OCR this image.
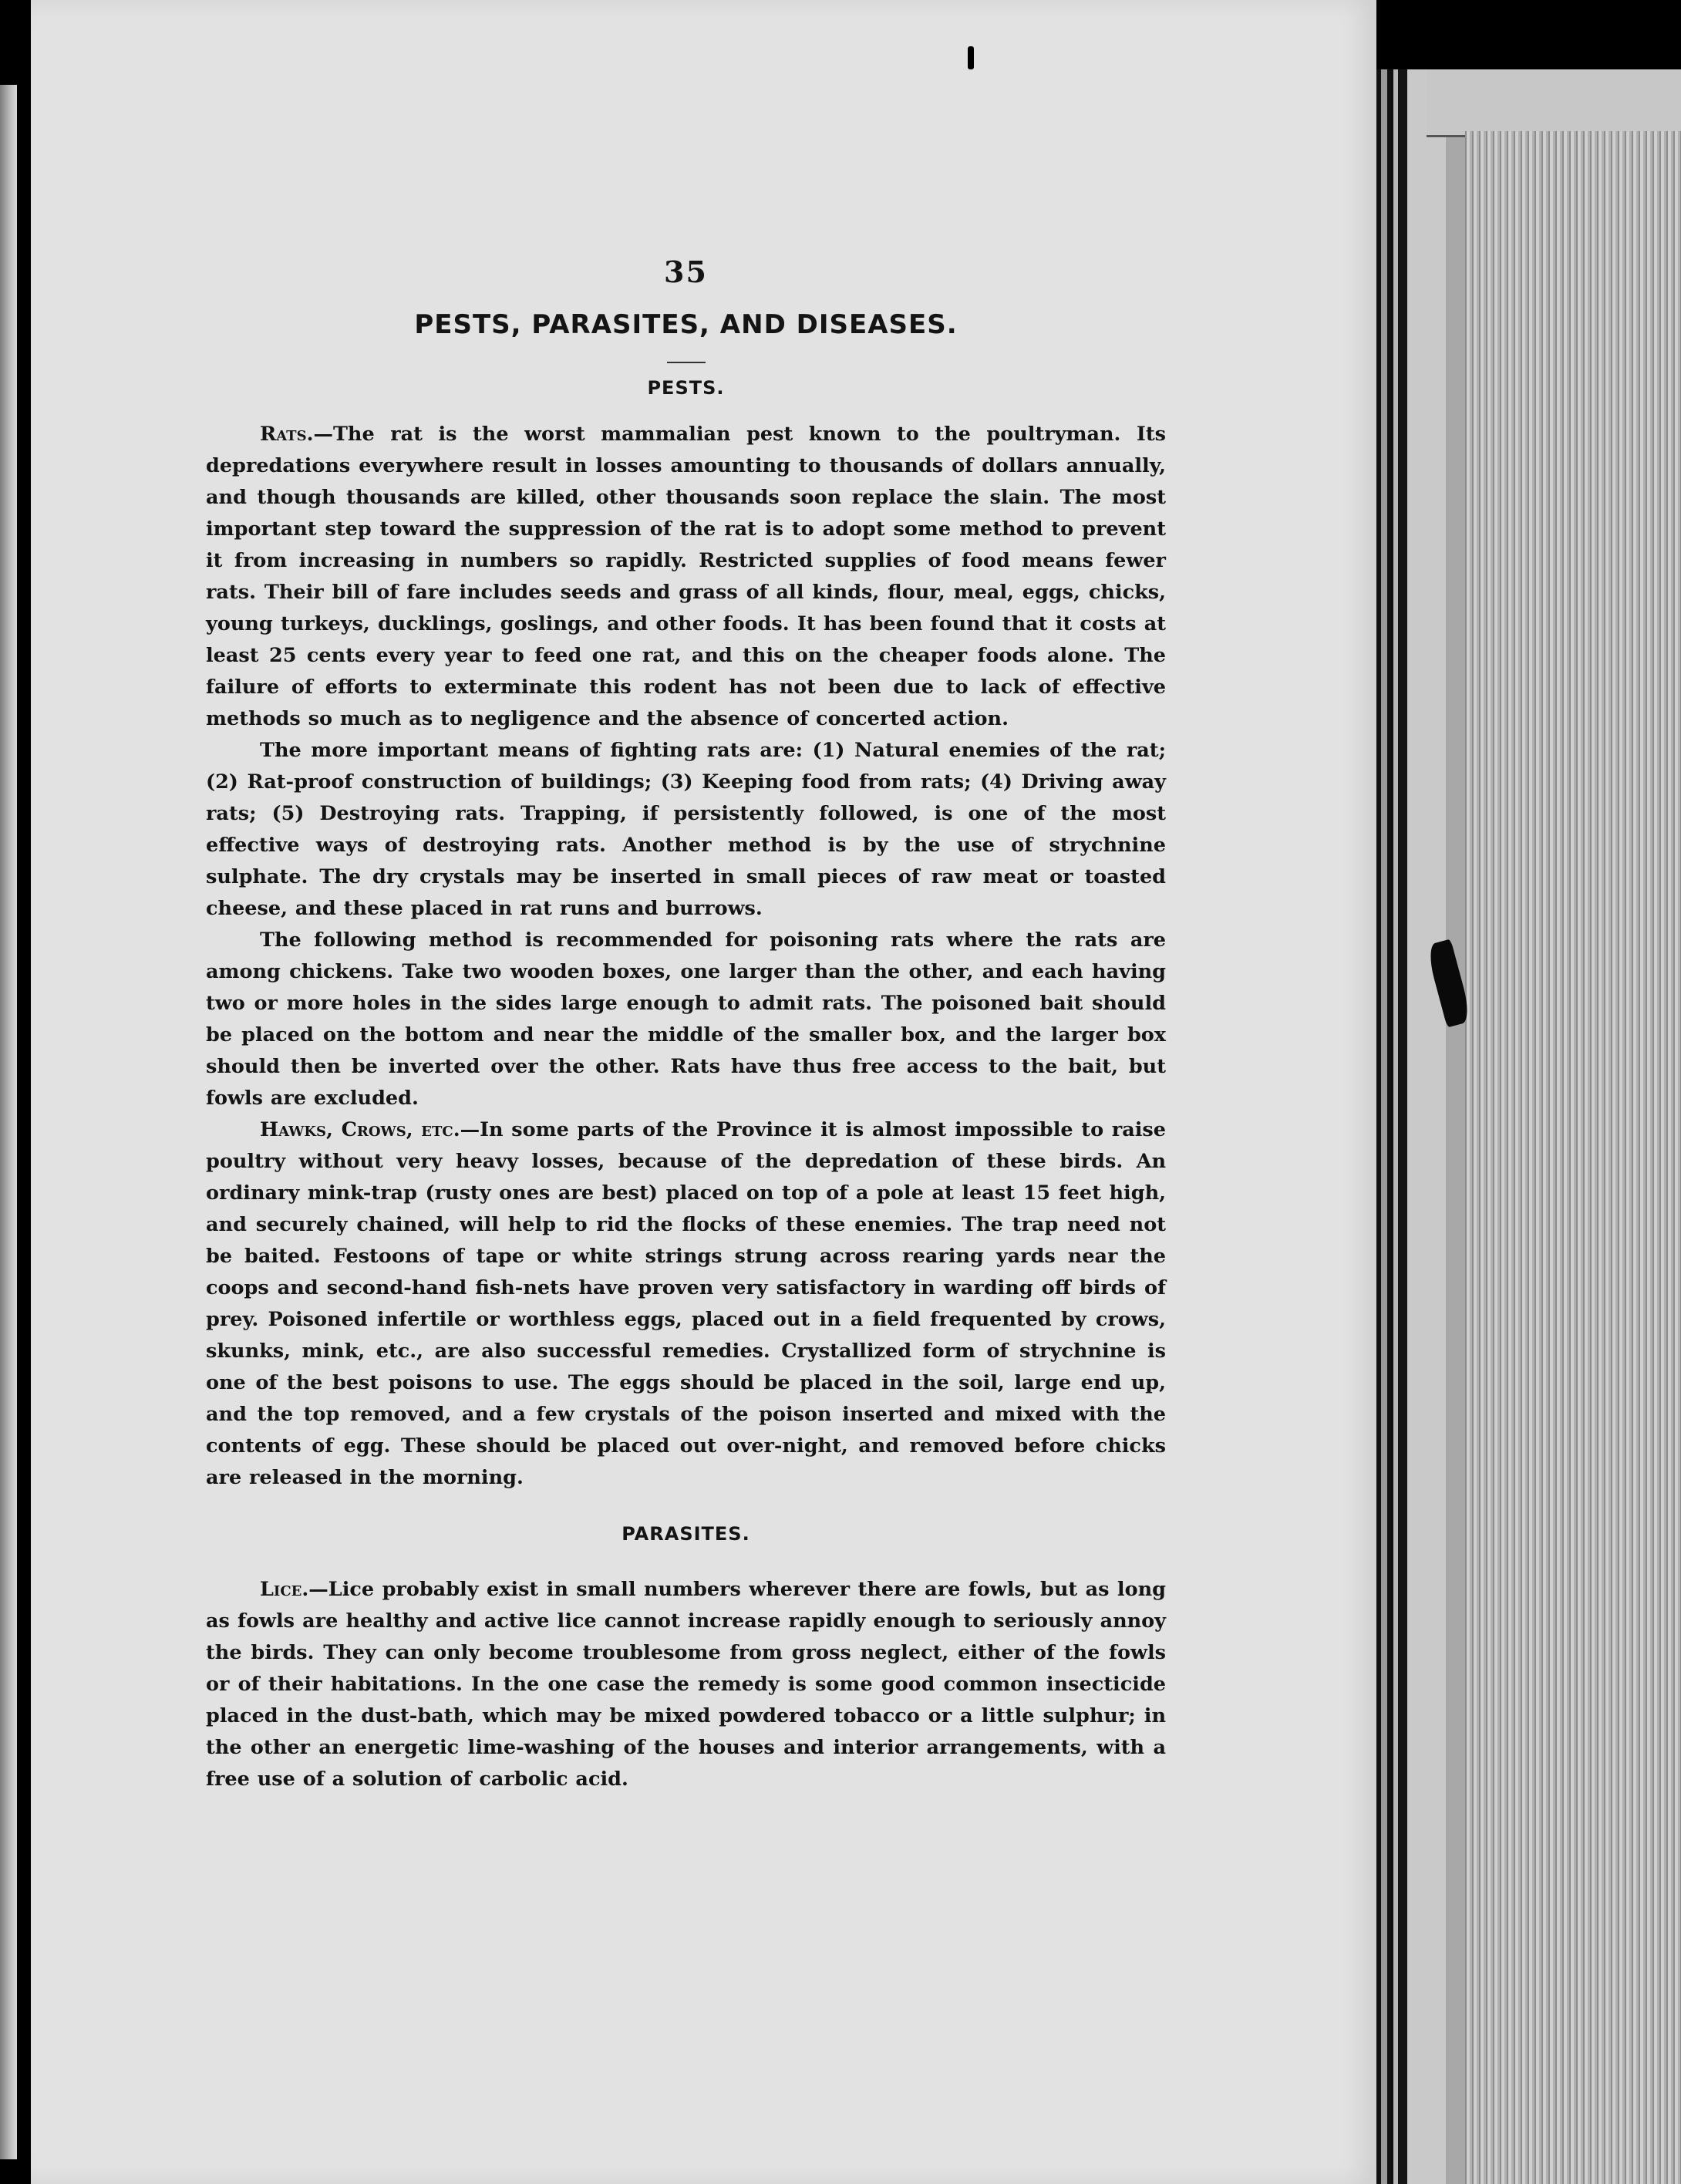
35
PESTS, PARASITES, AND DISEASES.
PESTS.

Rats.—The rat is the worst mammalian pest known to the poultryman. Its depredations everywhere result in losses amounting to thousands of dollars annually, and though thousands are killed, other thousands soon replace the slain. The most important step toward the suppression of the rat is to adopt some method to prevent it from increasing in numbers so rapidly. Restricted supplies of food means fewer rats. Their bill of fare includes seeds and grass of all kinds, flour, meal, eggs, chicks, young turkeys, ducklings, goslings, and other foods. It has been found that it costs at least 25 cents every year to feed one rat, and this on the cheaper foods alone. The failure of efforts to exterminate this rodent has not been due to lack of effective methods so much as to negligence and the absence of concerted action.

The more important means of fighting rats are: (1) Natural enemies of the rat; (2) Rat-proof construction of buildings; (3) Keeping food from rats; (4) Driving away rats; (5) Destroying rats. Trapping, if persistently followed, is one of the most effective ways of destroying rats. Another method is by the use of strychnine sulphate. The dry crystals may be inserted in small pieces of raw meat or toasted cheese, and these placed in rat runs and burrows.

The following method is recommended for poisoning rats where the rats are among chickens. Take two wooden boxes, one larger than the other, and each having two or more holes in the sides large enough to admit rats. The poisoned bait should be placed on the bottom and near the middle of the smaller box, and the larger box should then be inverted over the other. Rats have thus free access to the bait, but fowls are excluded.

Hawks, Crows, etc.—In some parts of the Province it is almost impossible to raise poultry without very heavy losses, because of the depredation of these birds. An ordinary mink-trap (rusty ones are best) placed on top of a pole at least 15 feet high, and securely chained, will help to rid the flocks of these enemies. The trap need not be baited. Festoons of tape or white strings strung across rearing yards near the coops and second-hand fish-nets have proven very satisfactory in warding off birds of prey. Poisoned infertile or worthless eggs, placed out in a field frequented by crows, skunks, mink, etc., are also successful remedies. Crystallized form of strychnine is one of the best poisons to use. The eggs should be placed in the soil, large end up, and the top removed, and a few crystals of the poison inserted and mixed with the contents of egg. These should be placed out over-night, and removed before chicks are released in the morning.

PARASITES.

Lice.—Lice probably exist in small numbers wherever there are fowls, but as long as fowls are healthy and active lice cannot increase rapidly enough to seriously annoy the birds. They can only become troublesome from gross neglect, either of the fowls or of their habitations. In the one case the remedy is some good common insecticide placed in the dust-bath, which may be mixed powdered tobacco or a little sulphur; in the other an energetic lime-washing of the houses and interior arrangements, with a free use of a solution of carbolic acid.
